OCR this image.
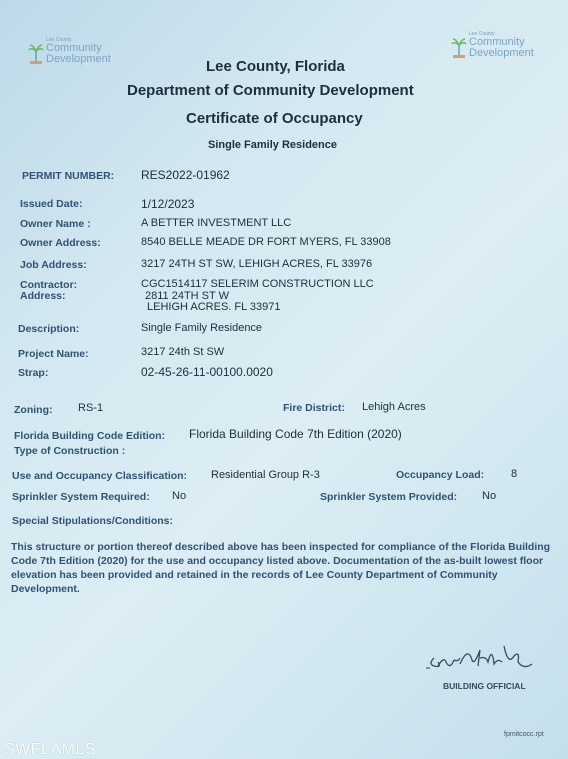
Lee County
Community
Development
Lee County
Community
Development
Lee County, Florida
Department of Community Development
Certificate of Occupancy
Single Family Residence
PERMIT NUMBER: RES2022-01962
Issued Date:	1/12/2023
Owner Name :	A BETTER INVESTMENT LLC
Owner Address:	8540 BELLE MEADE DR FORT MYERS, FL 33908
Job Address:	3217 24TH ST SW, LEHIGH ACRES, FL 33976
Contractor:
Address:
CGC1514117 SELERIM CONSTRUCTION LLC
2811 24TH ST W
LEHIGH ACRES. FL 33971
Description:	Single Family Residence
Project Name:	3217 24th St SW
Strap:	02-45-26-11-00100.0020
Zoning: RS-1	Fire District: Lehigh Acres
Florida Building Code Edition: Florida Building Code 7th Edition (2020)
Type of Construction :
Use and Occupancy Classification: Residential Group R-3	Occupancy Load: 8
Sprinkler System Required: No	Sprinkler System Provided: No
Special Stipulations/Conditions:
This structure or portion thereof described above has been inspected for compliance of the Florida Building Code 7th Edition (2020) for the use and occupancy listed above. Documentation of the as-built lowest floor elevation has been provided and retained in the records of Lee County Department of Community Development.
BUILDING OFFICIAL
fpmitcocc.rpt
SWFLAMLS
